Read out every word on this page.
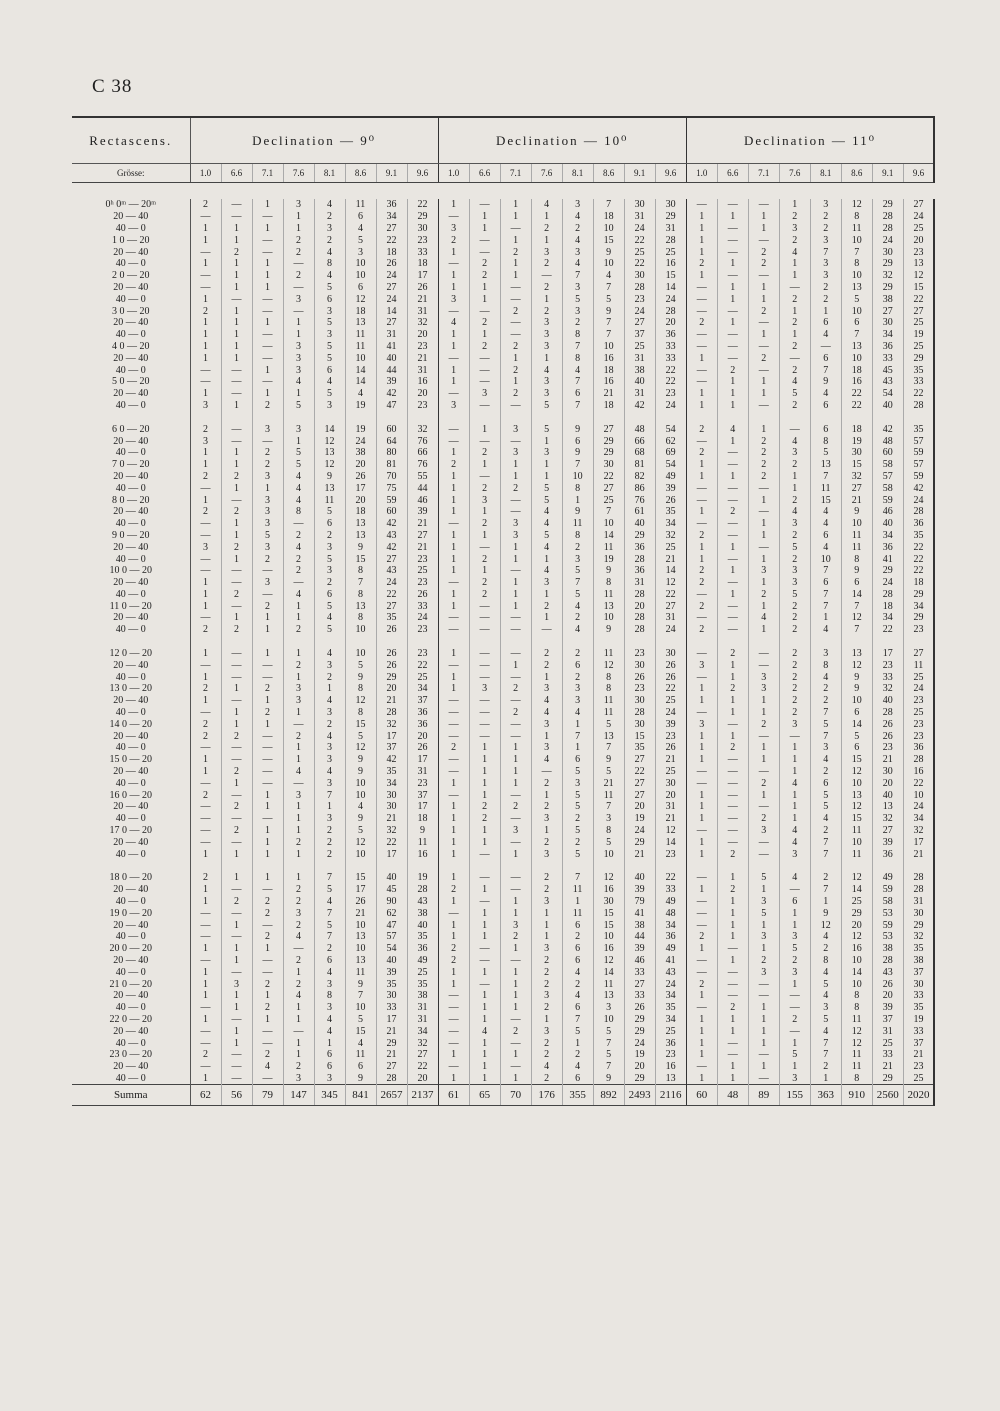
C 38
Rectascens.	Declination — 9⁰								Declination — 10⁰								Declination — 11⁰							
Grösse:	1.0	6.6	7.1	7.6	8.1	8.6	9.1	9.6	1.0	6.6	7.1	7.6	8.1	8.6	9.1	9.6	1.0	6.6	7.1	7.6	8.1	8.6	9.1	9.6

0ʰ 0ᵐ — 20ᵐ	2	—	1	3	4	11	36	22	1	—	1	4	3	7	30	30	—	—	—	1	3	12	29	27
20 — 40	—	—	—	1	2	6	34	29	—	1	1	1	4	18	31	29	1	1	1	2	2	8	28	24
40 — 0	1	1	1	1	3	4	27	30	3	1	—	2	2	10	24	31	1	—	1	3	2	11	28	25
1 0 — 20	1	1	—	2	2	5	22	23	2	—	1	1	4	15	22	28	1	—	—	2	3	10	24	20
20 — 40	—	2	—	2	4	3	18	33	1	—	2	3	3	9	25	25	1	—	2	4	7	7	30	23
40 — 0	1	1	1	—	8	10	26	18	—	2	1	2	4	10	22	16	2	1	2	1	3	8	29	13
2 0 — 20	—	1	1	2	4	10	24	17	1	2	1	—	7	4	30	15	1	—	—	1	3	10	32	12
20 — 40	—	1	1	—	5	6	27	26	1	1	—	2	3	7	28	14	—	1	1	—	2	13	29	15
40 — 0	1	—	—	3	6	12	24	21	3	1	—	1	5	5	23	24	—	1	1	2	2	5	38	22
3 0 — 20	2	1	—	—	3	18	14	31	—	—	2	2	3	9	24	28	—	—	2	1	1	10	27	27
20 — 40	1	1	1	1	5	13	27	32	4	2	—	3	2	7	27	20	2	1	—	2	6	6	30	25
40 — 0	1	1	—	1	3	11	31	20	1	1	—	3	8	7	37	36	—	—	1	1	4	7	34	19
4 0 — 20	1	1	—	3	5	11	41	23	1	2	2	3	7	10	25	33	—	—	—	2	—	13	36	25
20 — 40	1	1	—	3	5	10	40	21	—	—	1	1	8	16	31	33	1	—	2	—	6	10	33	29
40 — 0	—	—	1	3	6	14	44	31	1	—	2	4	4	18	38	22	—	2	—	2	7	18	45	35
5 0 — 20	—	—	—	4	4	14	39	16	1	—	1	3	7	16	40	22	—	1	1	4	9	16	43	33
20 — 40	1	—	1	1	5	4	42	20	—	3	2	3	6	21	31	23	1	1	1	5	4	22	54	22
40 — 0	3	1	2	5	3	19	47	23	3	—	—	5	7	18	42	24	1	1	—	2	6	22	40	28

6 0 — 20	2	—	3	3	14	19	60	32	—	1	3	5	9	27	48	54	2	4	1	—	6	18	42	35
20 — 40	3	—	—	1	12	24	64	76	—	—	—	1	6	29	66	62	—	1	2	4	8	19	48	57
40 — 0	1	1	2	5	13	38	80	66	1	2	3	3	9	29	68	69	2	—	2	3	5	30	60	59
7 0 — 20	1	1	2	5	12	20	81	76	2	1	1	1	7	30	81	54	1	—	2	2	13	15	58	57
20 — 40	2	2	3	4	9	26	70	55	1	—	1	1	10	22	82	49	1	1	2	1	7	32	57	59
40 — 0	—	1	1	4	13	17	75	44	1	2	2	5	8	27	86	39	—	—	—	1	11	27	58	42
8 0 — 20	1	—	3	4	11	20	59	46	1	3	—	5	1	25	76	26	—	—	1	2	15	21	59	24
20 — 40	2	2	3	8	5	18	60	39	1	1	—	4	9	7	61	35	1	2	—	4	4	9	46	28
40 — 0	—	1	3	—	6	13	42	21	—	2	3	4	11	10	40	34	—	—	1	3	4	10	40	36
9 0 — 20	—	1	5	2	2	13	43	27	1	1	3	5	8	14	29	32	2	—	1	2	6	11	34	35
20 — 40	3	2	3	4	3	9	42	21	1	—	1	4	2	11	36	25	1	1	—	5	4	11	36	22
40 — 0	—	1	2	2	5	15	27	23	1	2	1	1	3	19	28	21	1	—	1	2	10	8	41	22
10 0 — 20	—	—	—	2	3	8	43	25	1	1	—	4	5	9	36	14	2	1	3	3	7	9	29	22
20 — 40	1	—	3	—	2	7	24	23	—	2	1	3	7	8	31	12	2	—	1	3	6	6	24	18
40 — 0	1	2	—	4	6	8	22	26	1	2	1	1	5	11	28	22	—	1	2	5	7	14	28	29
11 0 — 20	1	—	2	1	5	13	27	33	1	—	1	2	4	13	20	27	2	—	1	2	7	7	18	34
20 — 40	—	1	1	1	4	8	35	24	—	—	—	1	2	10	28	31	—	—	4	2	1	12	34	29
40 — 0	2	2	1	2	5	10	26	23	—	—	—	—	4	9	28	24	2	—	1	2	4	7	22	23

12 0 — 20	1	—	1	1	4	10	26	23	1	—	—	2	2	11	23	30	—	2	—	2	3	13	17	27
20 — 40	—	—	—	2	3	5	26	22	—	—	1	2	6	12	30	26	3	1	—	2	8	12	23	11
40 — 0	1	—	—	1	2	9	29	25	1	—	—	1	2	8	26	26	—	1	3	2	4	9	33	25
13 0 — 20	2	1	2	3	1	8	20	34	1	3	2	3	3	8	23	22	1	2	3	2	2	9	32	24
20 — 40	1	—	1	3	4	12	21	37	—	—	—	4	3	11	30	25	1	1	1	2	2	10	40	23
40 — 0	—	1	2	1	3	8	28	36	—	—	2	4	4	11	28	24	—	1	1	2	7	6	28	25
14 0 — 20	2	1	1	—	2	15	32	36	—	—	—	3	1	5	30	39	3	—	2	3	5	14	26	23
20 — 40	2	2	—	2	4	5	17	20	—	—	—	1	7	13	15	23	1	1	—	—	7	5	26	23
40 — 0	—	—	—	1	3	12	37	26	2	1	1	3	1	7	35	26	1	2	1	1	3	6	23	36
15 0 — 20	1	—	—	1	3	9	42	17	—	1	1	4	6	9	27	21	1	—	1	1	4	15	21	28
20 — 40	1	2	—	4	4	9	35	31	—	1	1	—	5	5	22	25	—	—	—	1	2	12	30	16
40 — 0	—	1	—	—	3	10	34	23	1	1	1	2	3	21	27	30	—	—	2	4	6	10	20	22
16 0 — 20	2	—	1	3	7	10	30	37	—	1	—	1	5	11	27	20	1	—	1	1	5	13	40	10
20 — 40	—	2	1	1	1	4	30	17	1	2	2	2	5	7	20	31	1	—	—	1	5	12	13	24
40 — 0	—	—	—	1	3	9	21	18	1	2	—	3	2	3	19	21	1	—	2	1	4	15	32	34
17 0 — 20	—	2	1	1	2	5	32	9	1	1	3	1	5	8	24	12	—	—	3	4	2	11	27	32
20 — 40	—	—	1	2	2	12	22	11	1	1	—	2	2	5	29	14	1	—	—	4	7	10	39	17
40 — 0	1	1	1	1	2	10	17	16	1	—	1	3	5	10	21	23	1	2	—	3	7	11	36	21

18 0 — 20	2	1	1	1	7	15	40	19	1	—	—	2	7	12	40	22	—	1	5	4	2	12	49	28
20 — 40	1	—	—	2	5	17	45	28	2	1	—	2	11	16	39	33	1	2	1	—	7	14	59	28
40 — 0	1	2	2	2	4	26	90	43	1	—	1	3	1	30	79	49	—	1	3	6	1	25	58	31
19 0 — 20	—	—	2	3	7	21	62	38	—	1	1	1	11	15	41	48	—	1	5	1	9	29	53	30
20 — 40	—	1	—	2	5	10	47	40	1	1	3	1	6	15	38	34	—	1	1	1	12	20	59	29
40 — 0	—	—	2	4	7	13	57	35	1	1	2	1	2	10	44	36	2	1	3	3	4	12	53	32
20 0 — 20	1	1	1	—	2	10	54	36	2	—	1	3	6	16	39	49	1	—	1	5	2	16	38	35
20 — 40	—	1	—	2	6	13	40	49	2	—	—	2	6	12	46	41	—	1	2	2	8	10	28	38
40 — 0	1	—	—	1	4	11	39	25	1	1	1	2	4	14	33	43	—	—	3	3	4	14	43	37
21 0 — 20	1	3	2	2	3	9	35	35	1	—	1	2	2	11	27	24	2	—	—	1	5	10	26	30
20 — 40	1	1	1	4	8	7	30	38	—	1	1	3	4	13	33	34	1	—	—	—	4	8	20	33
40 — 0	—	1	2	1	3	10	33	31	—	1	1	2	6	3	26	35	—	2	1	—	3	8	39	35
22 0 — 20	1	—	1	1	4	5	17	31	—	1	—	1	7	10	29	34	1	1	1	2	5	11	37	19
20 — 40	—	1	—	—	4	15	21	34	—	4	2	3	5	5	29	25	1	1	1	—	4	12	31	33
40 — 0	—	1	—	1	1	4	29	32	—	1	—	2	1	7	24	36	1	—	1	1	7	12	25	37
23 0 — 20	2	—	2	1	6	11	21	27	1	1	1	2	2	5	19	23	1	—	—	5	7	11	33	21
20 — 40	—	—	4	2	6	6	27	22	—	1	—	4	4	7	20	16	—	1	1	1	2	11	21	23
40 — 0	1	—	—	3	3	9	28	20	1	1	1	2	6	9	29	13	1	1	—	3	1	8	29	25
Summa	62	56	79	147	345	841	2657	2137	61	65	70	176	355	892	2493	2116	60	48	89	155	363	910	2560	2020
